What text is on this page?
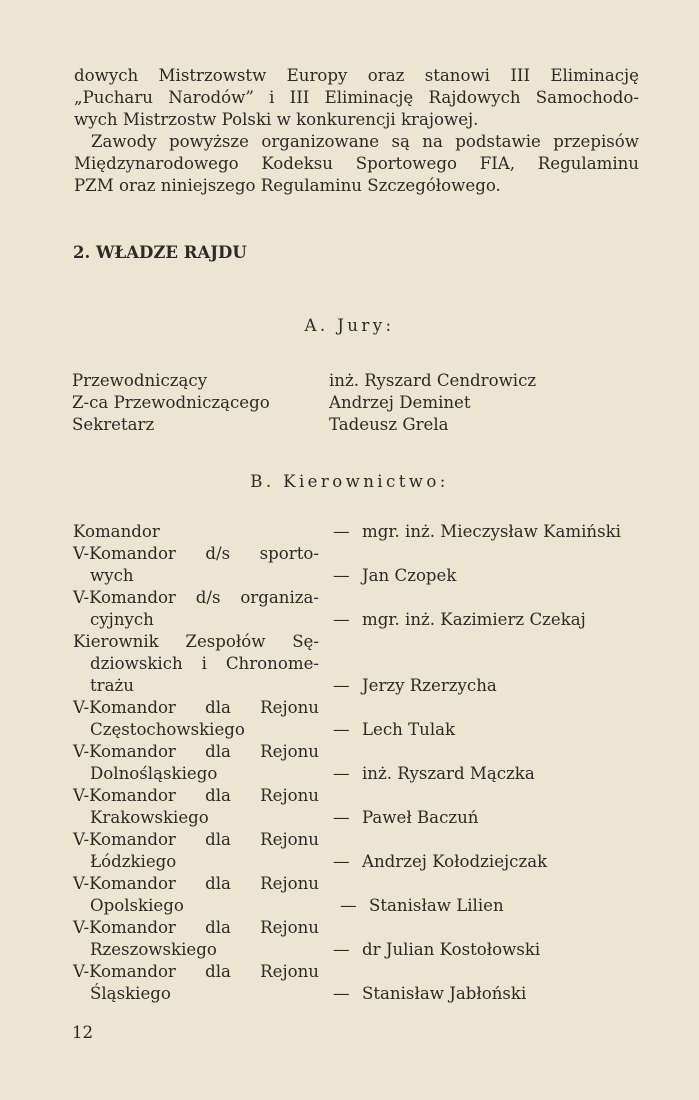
dowych Mistrzowstw Europy oraz stanowi III Eliminację
„Pucharu Narodów” i III Eliminację Rajdowych Samochodo-
wych Mistrzostw Polski w konkurencji krajowej.
Zawody powyższe organizowane są na podstawie przepisów
Międzynarodowego Kodeksu Sportowego FIA, Regulaminu
PZM oraz niniejszego Regulaminu Szczegółowego.
2. WŁADZE RAJDU
A. Jury:
Przewodniczący	inż. Ryszard Cendrowicz
Z-ca Przewodniczącego	Andrzej Deminet
Sekretarz	Tadeusz Grela
B. Kierownictwo:
Komandor	— mgr. inż. Mieczysław Kamiński
V-Komandor d/s sporto-
wych	— Jan Czopek
V-Komandor d/s organiza-
cyjnych	— mgr. inż. Kazimierz Czekaj
Kierownik Zespołów Sę-
dziowskich i Chronome-
trażu	— Jerzy Rzerzycha
V-Komandor dla Rejonu
Częstochowskiego	— Lech Tulak
V-Komandor dla Rejonu
Dolnośląskiego	— inż. Ryszard Mączka
V-Komandor dla Rejonu
Krakowskiego	— Paweł Baczuń
V-Komandor dla Rejonu
Łódzkiego	— Andrzej Kołodziejczak
V-Komandor dla Rejonu
Opolskiego	— Stanisław Lilien
V-Komandor dla Rejonu
Rzeszowskiego	— dr Julian Kostołowski
V-Komandor dla Rejonu
Śląskiego	— Stanisław Jabłoński
12
